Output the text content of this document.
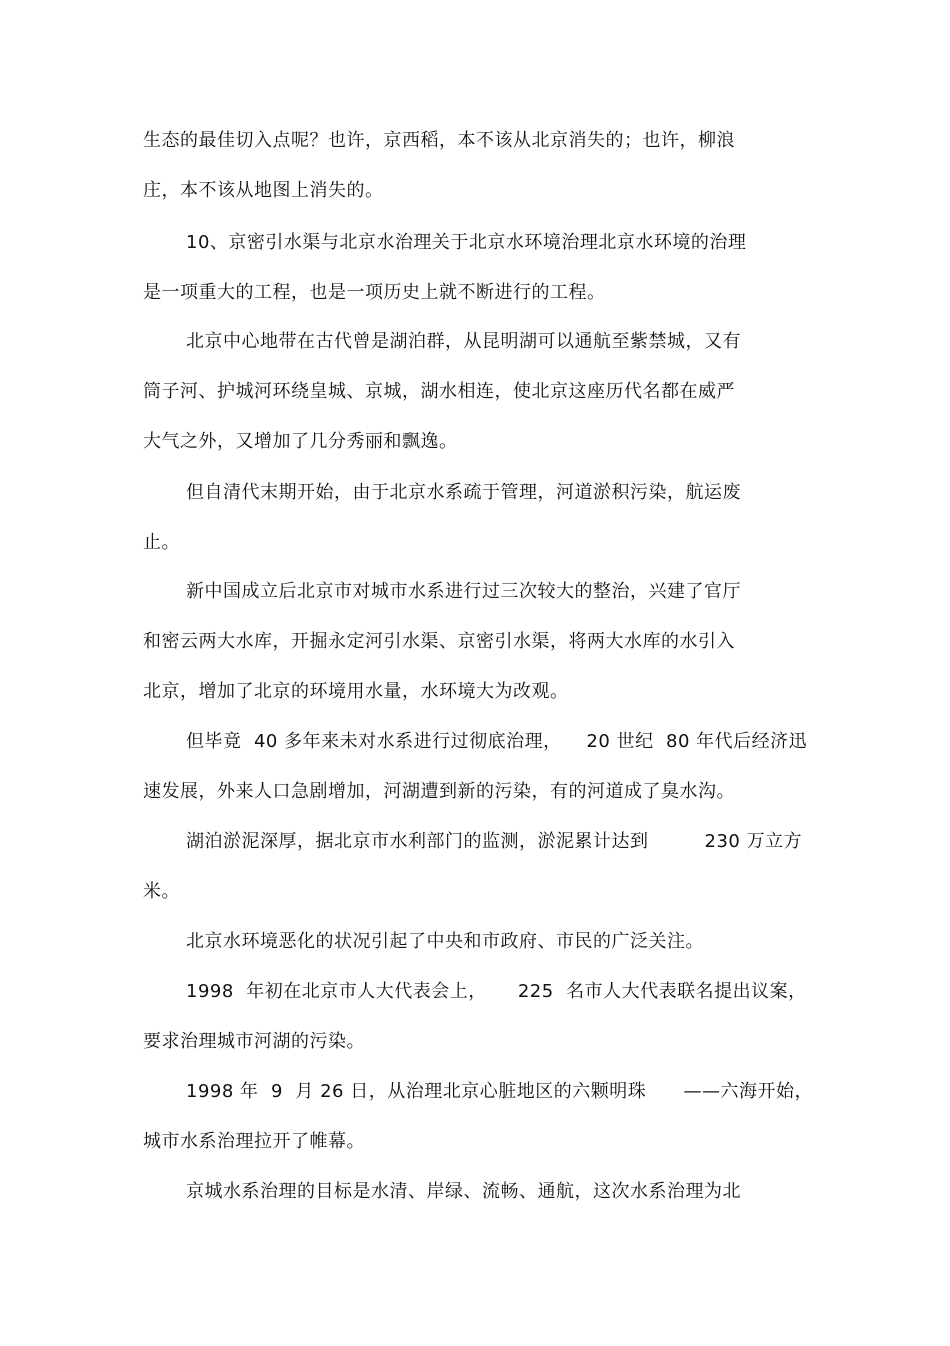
生态的最佳切入点呢？也许，京西稻，本不该从北京消失的；也许，柳浪
庄，本不该从地图上消失的。
10、京密引水渠与北京水治理关于北京水环境治理北京水环境的治理
是一项重大的工程，也是一项历史上就不断进行的工程。
北京中心地带在古代曾是湖泊群，从昆明湖可以通航至紫禁城，又有
筒子河、护城河环绕皇城、京城，湖水相连，使北京这座历代名都在威严
大气之外，又增加了几分秀丽和飘逸。
但自清代末期开始，由于北京水系疏于管理，河道淤积污染，航运废
止。
新中国成立后北京市对城市水系进行过三次较大的整治，兴建了官厅
和密云两大水库，开掘永定河引水渠、京密引水渠，将两大水库的水引入
北京，增加了北京的环境用水量，水环境大为改观。
但毕竟  40 多年来未对水系进行过彻底治理，    20 世纪  80 年代后经济迅
速发展，外来人口急剧增加，河湖遭到新的污染，有的河道成了臭水沟。
湖泊淤泥深厚，据北京市水利部门的监测，淤泥累计达到         230 万立方
米。
北京水环境恶化的状况引起了中央和市政府、市民的广泛关注。
1998  年初在北京市人大代表会上，     225  名市人大代表联名提出议案，
要求治理城市河湖的污染。
1998 年  9  月 26 日，从治理北京心脏地区的六颗明珠      ——六海开始，
城市水系治理拉开了帷幕。
京城水系治理的目标是水清、岸绿、流畅、通航，这次水系治理为北
